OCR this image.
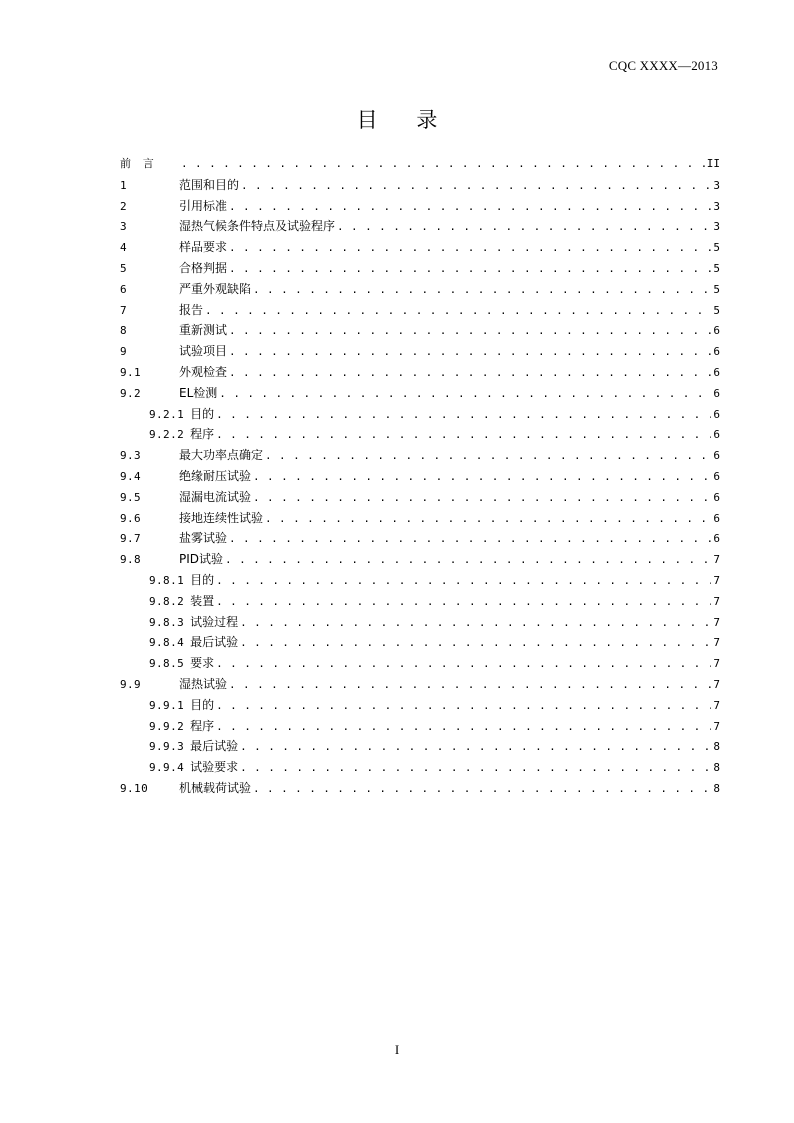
CQC XXXX—2013
目 录
前　言 . . .	II
1	范围和目的 . . .	3
2	引用标准 . . .	3
3	湿热气候条件特点及试验程序 . . .	3
4	样品要求 . . .	5
5	合格判据 . . .	5
6	严重外观缺陷 . . .	5
7	报告 . . .	5
8	重新测试 . . .	6
9	试验项目 . . .	6
9.1	外观检查 . . .	6
9.2	EL检测 . . .	6
9.2.1 目的 . . .	6
9.2.2 程序 . . .	6
9.3	最大功率点确定 . . .	6
9.4	绝缘耐压试验 . . .	6
9.5	湿漏电流试验 . . .	6
9.6	接地连续性试验 . . .	6
9.7	盐雾试验 . . .	6
9.8	PID试验 . . .	7
9.8.1 目的 . . .	7
9.8.2 装置 . . .	7
9.8.3 试验过程 . . .	7
9.8.4 最后试验 . . .	7
9.8.5 要求 . . .	7
9.9	湿热试验 . . .	7
9.9.1 目的 . . .	7
9.9.2 程序 . . .	7
9.9.3 最后试验 . . .	8
9.9.4 试验要求 . . .	8
9.10	机械载荷试验 . . .	8
I
